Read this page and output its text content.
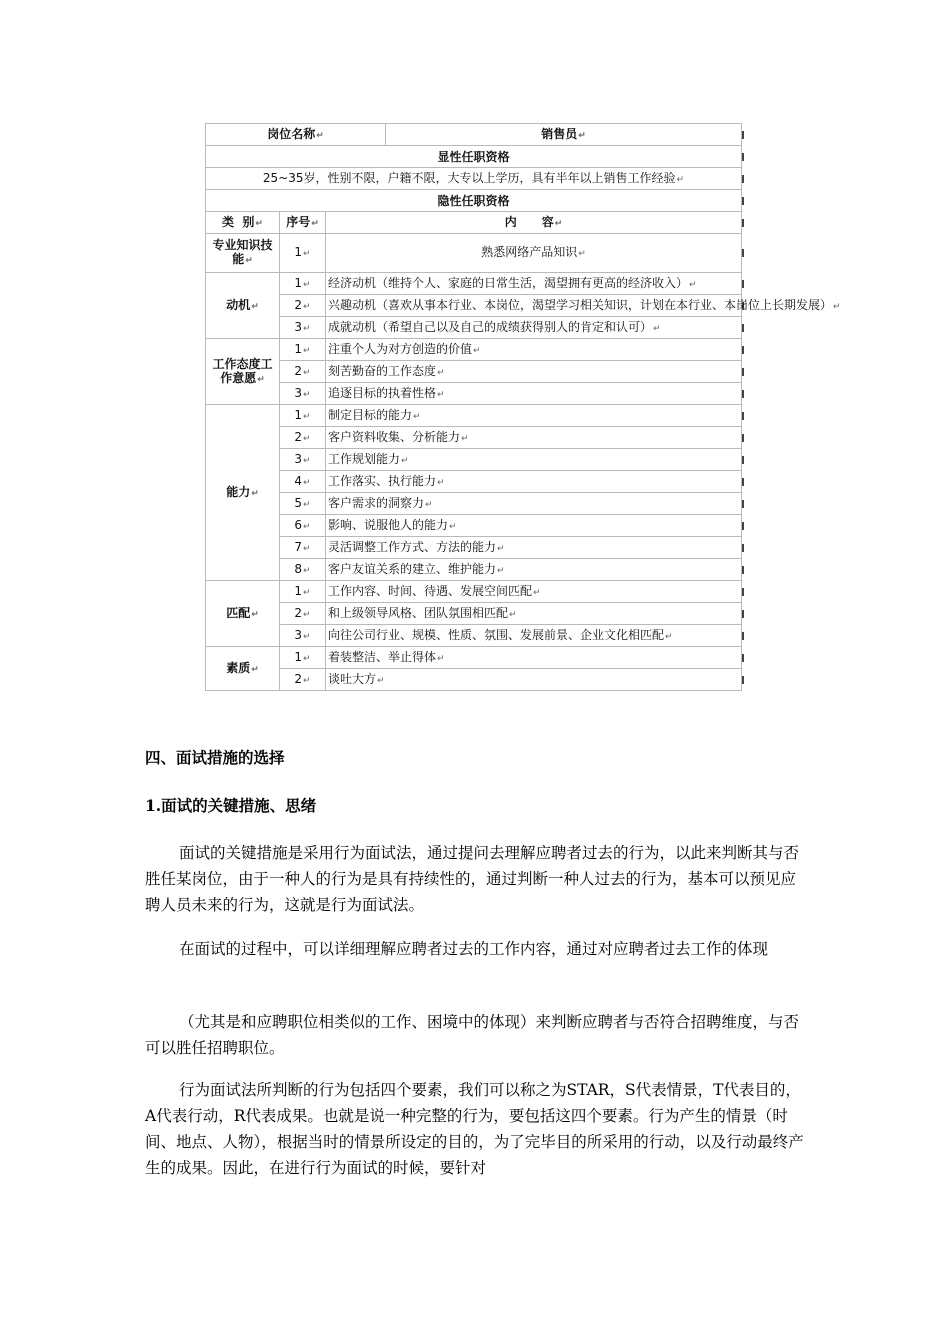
岗位名称 ↵			销售员 ↵	
显性任职资格				
25~35岁，性别不限，户籍不限，大专以上学历，具有半年以上销售工作经验 ↵	
隐性任职资格				
类  别 ↵	序号 ↵	内      容 ↵	
专业知识技能 ↵	1 ↵	熟悉网络产品知识 ↵	
动机 ↵	1 ↵	经济动机（维持个人、家庭的日常生活，渴望拥有更高的经济收入） ↵	
	2 ↵	兴趣动机（喜欢从事本行业、本岗位，渴望学习相关知识，计划在本行业、本岗位上长期发展） ↵	
	3 ↵	成就动机（希望自己以及自己的成绩获得别人的肯定和认可） ↵	
工作态度工作意愿 ↵	1 ↵	注重个人为对方创造的价值 ↵	
	2 ↵	刻苦勤奋的工作态度 ↵	
	3 ↵	追逐目标的执着性格 ↵	
能力 ↵	1 ↵	制定目标的能力 ↵	
	2 ↵	客户资料收集、分析能力 ↵	
	3 ↵	工作规划能力 ↵	
	4 ↵	工作落实、执行能力 ↵	
	5 ↵	客户需求的洞察力 ↵	
	6 ↵	影响、说服他人的能力 ↵	
	7 ↵	灵活调整工作方式、方法的能力 ↵	
	8 ↵	客户友谊关系的建立、维护能力 ↵	
匹配 ↵	1 ↵	工作内容、时间、待遇、发展空间匹配 ↵	
	2 ↵	和上级领导风格、团队氛围相匹配 ↵	
	3 ↵	向往公司行业、规模、性质、氛围、发展前景、企业文化相匹配 ↵	
素质 ↵	1 ↵	着装整洁、举止得体 ↵	
	2 ↵	谈吐大方 ↵	
四、面试措施的选择
1.面试的关键措施、思绪
面试的关键措施是采用行为面试法，通过提问去理解应聘者过去的行为，以此来判断其与否胜任某岗位，由于一种人的行为是具有持续性的，通过判断一种人过去的行为，基本可以预见应聘人员未来的行为，这就是行为面试法。
在面试的过程中，可以详细理解应聘者过去的工作内容，通过对应聘者过去工作的体现
（尤其是和应聘职位相类似的工作、困境中的体现）来判断应聘者与否符合招聘维度，与否可以胜任招聘职位。
行为面试法所判断的行为包括四个要素，我们可以称之为STAR，S代表情景，T代表目的，A代表行动，R代表成果。也就是说一种完整的行为，要包括这四个要素。行为产生的情景（时间、地点、人物），根据当时的情景所设定的目的，为了完毕目的所采用的行动，以及行动最终产生的成果。因此，在进行行为面试的时候，要针对
